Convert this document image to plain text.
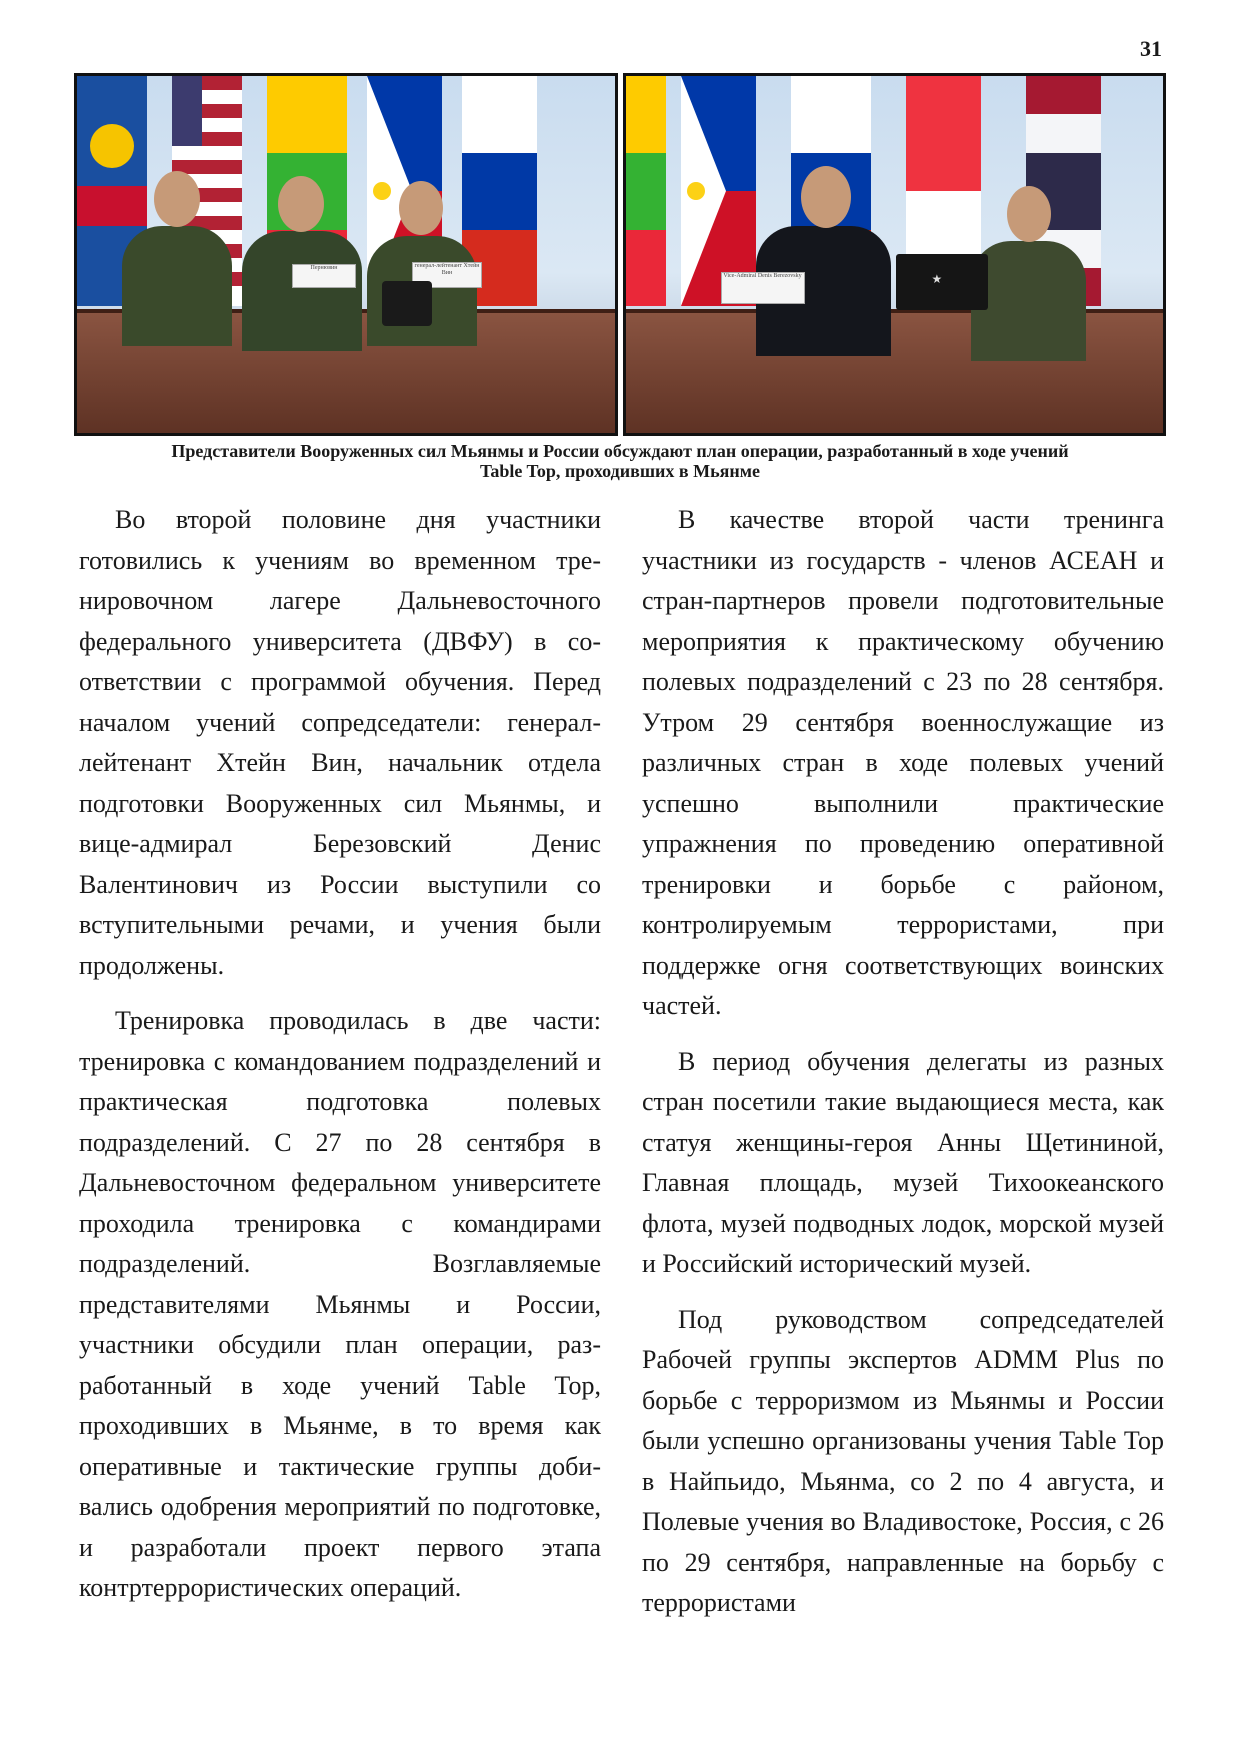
31
Пернювин	генерал-лейтенант Хтейн Вин	★
Vice-Admiral Denis Berezovsky
Представители Вооруженных сил Мьянмы и России обсуждают план операции, разработанный в ходе учений
Table Top, проходивших в Мьянме

Во второй половине дня участники готовились к учениям во временном тренировочном лагере Дальневосточного федерального университета (ДВФУ) в соответствии с программой обучения. Перед началом учений сопредседатели: генерал-лейтенант Хтейн Вин, начальник отдела подготовки Вооруженных сил Мьянмы, и вице-адмирал Березовский Денис Валентинович из России выступили со вступительными речами, и учения были продолжены.

Тренировка проводилась в две части: тренировка с командованием подразделений и практическая подготовка полевых подразделений. С 27 по 28 сентября в Дальневосточном федеральном университете проходила тренировка с командирами подразделений. Возглавляемые представителями Мьянмы и России, участники обсудили план операции, разработанный в ходе учений Table Top, проходивших в Мьянме, в то время как оперативные и тактические группы добивались одобрения мероприятий по подготовке, и разработали проект первого этапа контртеррористических операций.

В качестве второй части тренинга участники из государств - членов АСЕАН и стран-партнеров провели подготовительные мероприятия к практическому обучению полевых подразделений с 23 по 28 сентября. Утром 29 сентября военнослужащие из различных стран в ходе полевых учений успешно выполнили практические упражнения по проведению оперативной тренировки и борьбе с районом, контролируемым террористами, при поддержке огня соответствующих воинских частей.

В период обучения делегаты из разных стран посетили такие выдающиеся места, как статуя женщины-героя Анны Щетининой, Главная площадь, музей Тихоокеанского флота, музей подводных лодок, морской музей и Российский исторический музей.

Под руководством сопредседателей Рабочей группы экспертов ADMM Plus по борьбе с терроризмом из Мьянмы и России были успешно организованы учения Table Top в Найпьидо, Мьянма, со 2 по 4 августа, и Полевые учения во Владивостоке, Россия, с 26 по 29 сентября, направленные на борьбу с террористами
